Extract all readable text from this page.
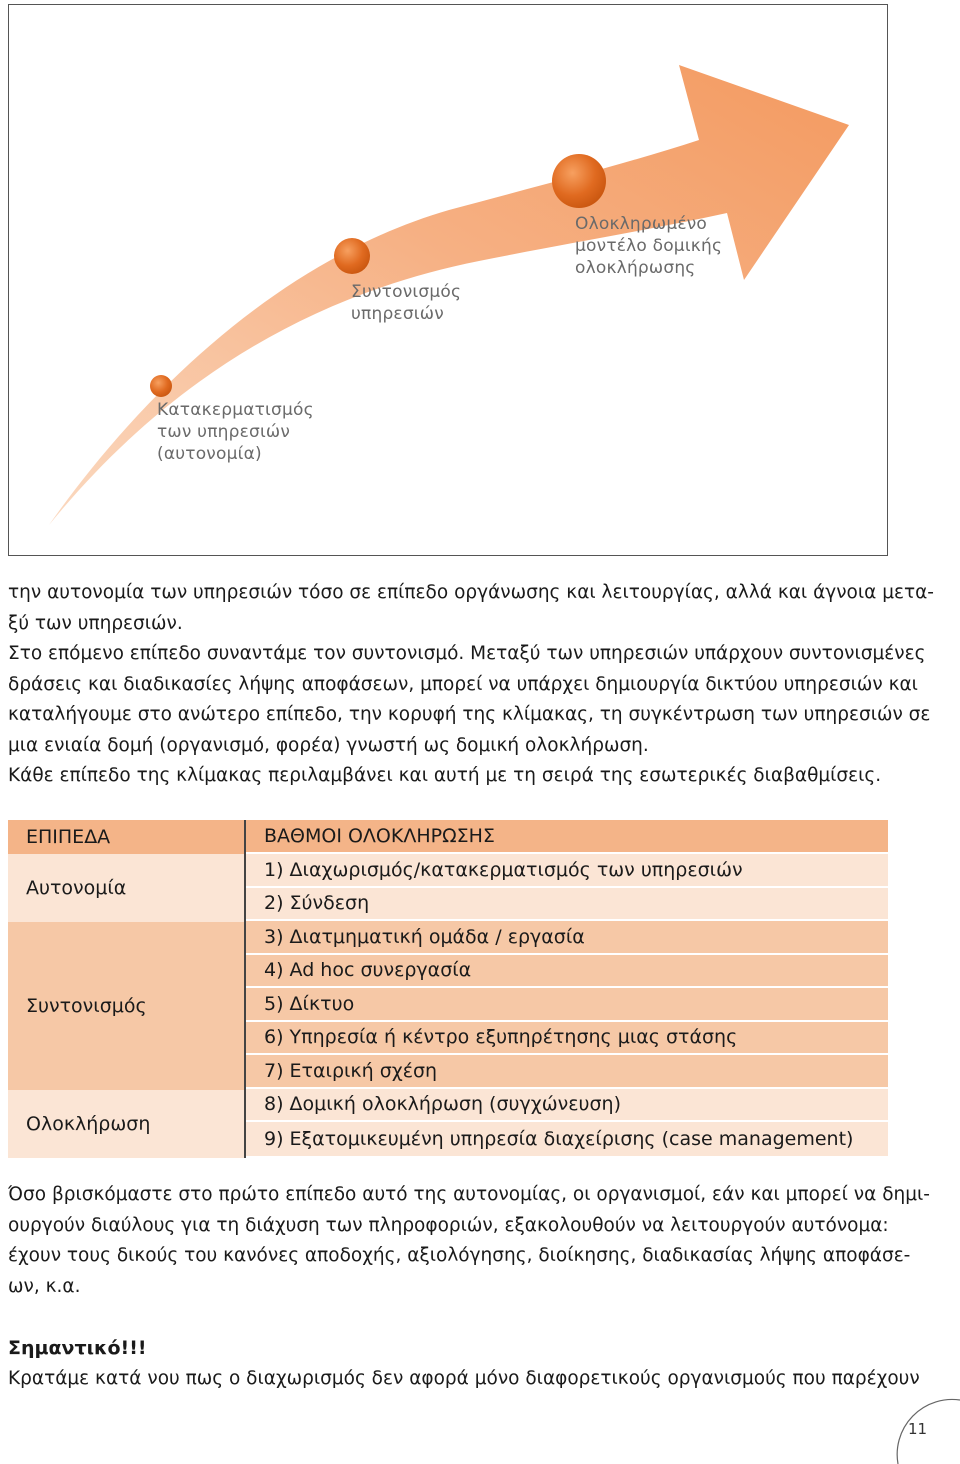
Κατακερματισμός
των υπηρεσιών
(αυτονομία)
Συντονισμός
υπηρεσιών
Ολοκληρωμένο
μοντέλο δομικής
ολοκλήρωσης
την αυτονομία των υπηρεσιών τόσο σε επίπεδο οργάνωσης και λειτουργίας, αλλά και άγνοια μετα-
ξύ των υπηρεσιών.
Στο επόμενο επίπεδο συναντάμε τον συντονισμό. Μεταξύ των υπηρεσιών υπάρχουν συντονισμένες
δράσεις και διαδικασίες λήψης αποφάσεων, μπορεί να υπάρχει δημιουργία δικτύου υπηρεσιών και
καταλήγουμε στο ανώτερο επίπεδο, την κορυφή της κλίμακας, τη συγκέντρωση των υπηρεσιών σε
μια ενιαία δομή (οργανισμό, φορέα) γνωστή ως δομική ολοκλήρωση.
Κάθε επίπεδο της κλίμακας περιλαμβάνει και αυτή με τη σειρά της εσωτερικές διαβαθμίσεις.
ΕΠΙΠΕΔΑ
Αυτονομία
Συντονισμός
Ολοκλήρωση
ΒΑΘΜΟΙ ΟΛΟΚΛΗΡΩΣΗΣ
1) Διαχωρισμός/κατακερματισμός των υπηρεσιών
2) Σύνδεση
3) Διατμηματική ομάδα / εργασία
4) Ad hoc συνεργασία
5) Δίκτυο
6) Υπηρεσία ή κέντρο εξυπηρέτησης μιας στάσης
7) Εταιρική σχέση
8) Δομική ολοκλήρωση (συγχώνευση)
9) Εξατομικευμένη υπηρεσία διαχείρισης (case management)
Όσο βρισκόμαστε στο πρώτο επίπεδο αυτό της αυτονομίας, οι οργανισμοί, εάν και μπορεί να δημι-
ουργούν διαύλους για τη διάχυση των πληροφοριών, εξακολουθούν να λειτουργούν αυτόνομα:
έχουν τους δικούς του κανόνες αποδοχής, αξιολόγησης, διοίκησης, διαδικασίας λήψης αποφάσε-
ων, κ.α.
Σημαντικό!!!
Κρατάμε κατά νου πως ο διαχωρισμός δεν αφορά μόνο διαφορετικούς οργανισμούς που παρέχουν
11
